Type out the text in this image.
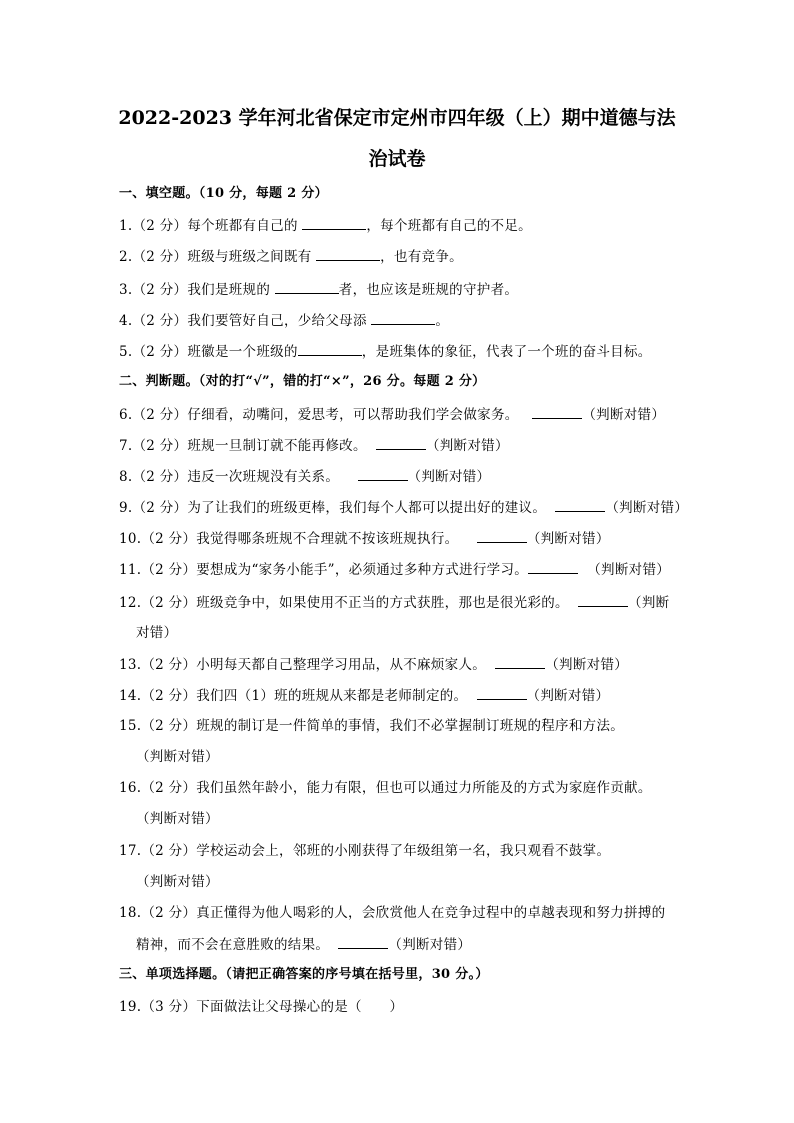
2022-2023 学年河北省保定市定州市四年级（上）期中道德与法
治试卷
一、填空题。（10 分，每题 2 分）
1.（2 分）每个班都有自己的	，每个班都有自己的不足。
2.（2 分）班级与班级之间既有	，也有竞争。
3.（2 分）我们是班规的	者，也应该是班规的守护者。
4.（2 分）我们要管好自己，少给父母添	。
5.（2 分）班徽是一个班级的	，是班集体的象征，代表了一个班的奋斗目标。
二、判断题。（对的打“√”，错的打“×”，26 分。每题 2 分）
6.（2 分）仔细看，动嘴问，爱思考，可以帮助我们学会做家务。	（判断对错）
7.（2 分）班规一旦制订就不能再修改。	（判断对错）
8.（2 分）违反一次班规没有关系。	（判断对错）
9.（2 分）为了让我们的班级更棒，我们每个人都可以提出好的建议。	（判断对错）
10.（2 分）我觉得哪条班规不合理就不按该班规执行。	（判断对错）
11.（2 分）要想成为“家务小能手”，必须通过多种方式进行学习。	（判断对错）
12.（2 分）班级竞争中，如果使用不正当的方式获胜，那也是很光彩的。	（判断
对错）
13.（2 分）小明每天都自己整理学习用品，从不麻烦家人。	（判断对错）
14.（2 分）我们四（1）班的班规从来都是老师制定的。	（判断对错）
15.（2 分）班规的制订是一件简单的事情，我们不必掌握制订班规的程序和方法。
（判断对错）
16.（2 分）我们虽然年龄小，能力有限，但也可以通过力所能及的方式为家庭作贡献。
（判断对错）
17.（2 分）学校运动会上，邻班的小刚获得了年级组第一名，我只观看不鼓掌。
（判断对错）
18.（2 分）真正懂得为他人喝彩的人，会欣赏他人在竞争过程中的卓越表现和努力拼搏的
精神，而不会在意胜败的结果。	（判断对错）
三、单项选择题。（请把正确答案的序号填在括号里，30 分。）
19.（3 分）下面做法让父母操心的是（　　）
